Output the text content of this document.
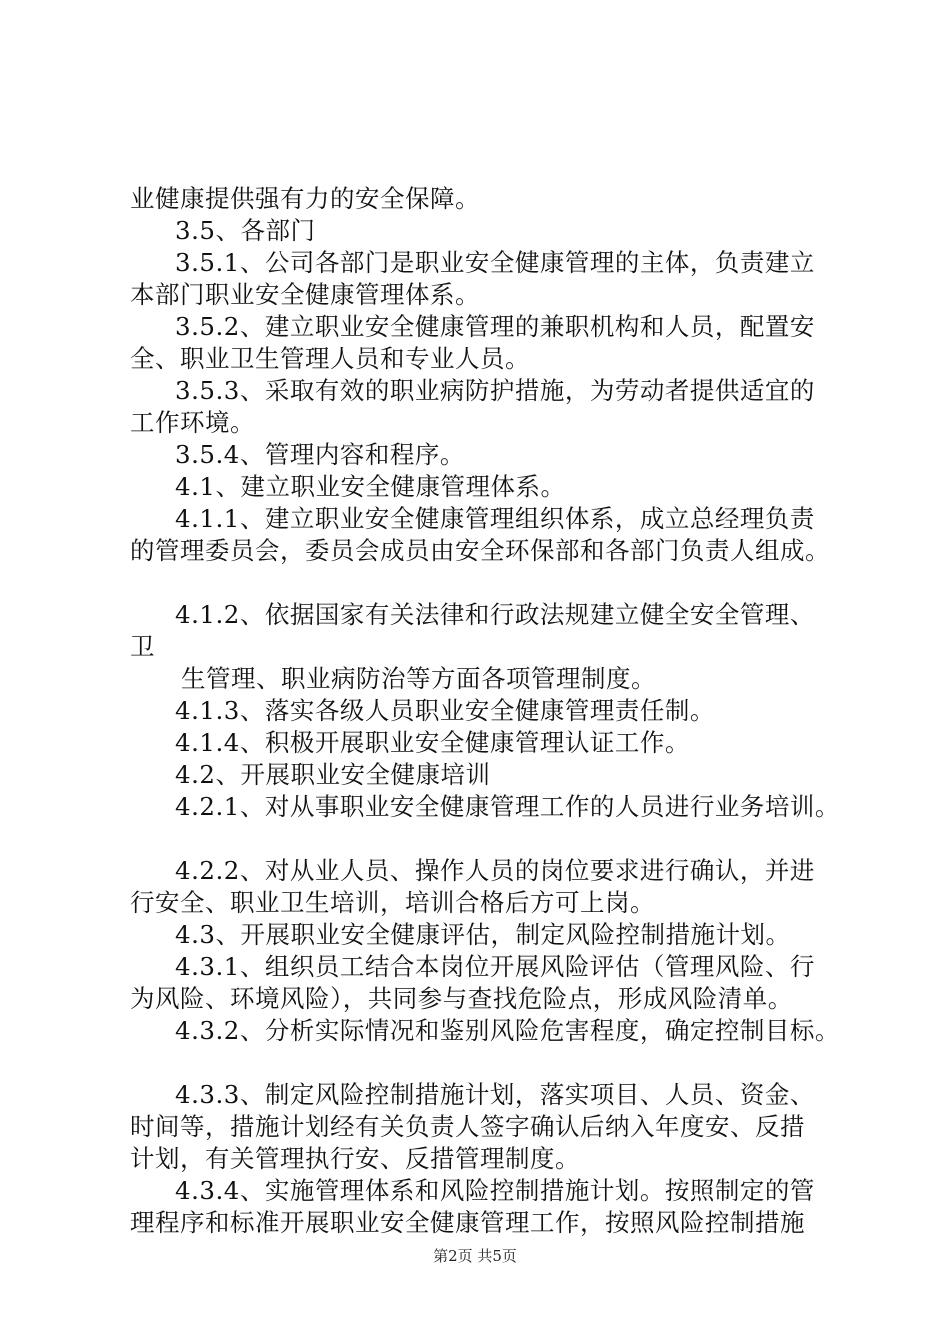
业健康提供强有力的安全保障。
3.5、各部门
3.5.1、公司各部门是职业安全健康管理的主体，负责建立
本部门职业安全健康管理体系。
3.5.2、建立职业安全健康管理的兼职机构和人员，配置安
全、职业卫生管理人员和专业人员。
3.5.3、采取有效的职业病防护措施，为劳动者提供适宜的
工作环境。
3.5.4、管理内容和程序。
4.1、建立职业安全健康管理体系。
4.1.1、建立职业安全健康管理组织体系，成立总经理负责
的管理委员会，委员会成员由安全环保部和各部门负责人组成。
4.1.2、依据国家有关法律和行政法规建立健全安全管理、
卫
生管理、职业病防治等方面各项管理制度。
4.1.3、落实各级人员职业安全健康管理责任制。
4.1.4、积极开展职业安全健康管理认证工作。
4.2、开展职业安全健康培训
4.2.1、对从事职业安全健康管理工作的人员进行业务培训。
4.2.2、对从业人员、操作人员的岗位要求进行确认，并进
行安全、职业卫生培训，培训合格后方可上岗。
4.3、开展职业安全健康评估，制定风险控制措施计划。
4.3.1、组织员工结合本岗位开展风险评估（管理风险、行
为风险、环境风险），共同参与查找危险点，形成风险清单。
4.3.2、分析实际情况和鉴别风险危害程度，确定控制目标。
4.3.3、制定风险控制措施计划，落实项目、人员、资金、
时间等，措施计划经有关负责人签字确认后纳入年度安、反措
计划，有关管理执行安、反措管理制度。
4.3.4、实施管理体系和风险控制措施计划。按照制定的管
理程序和标准开展职业安全健康管理工作，按照风险控制措施
第2页 共5页
